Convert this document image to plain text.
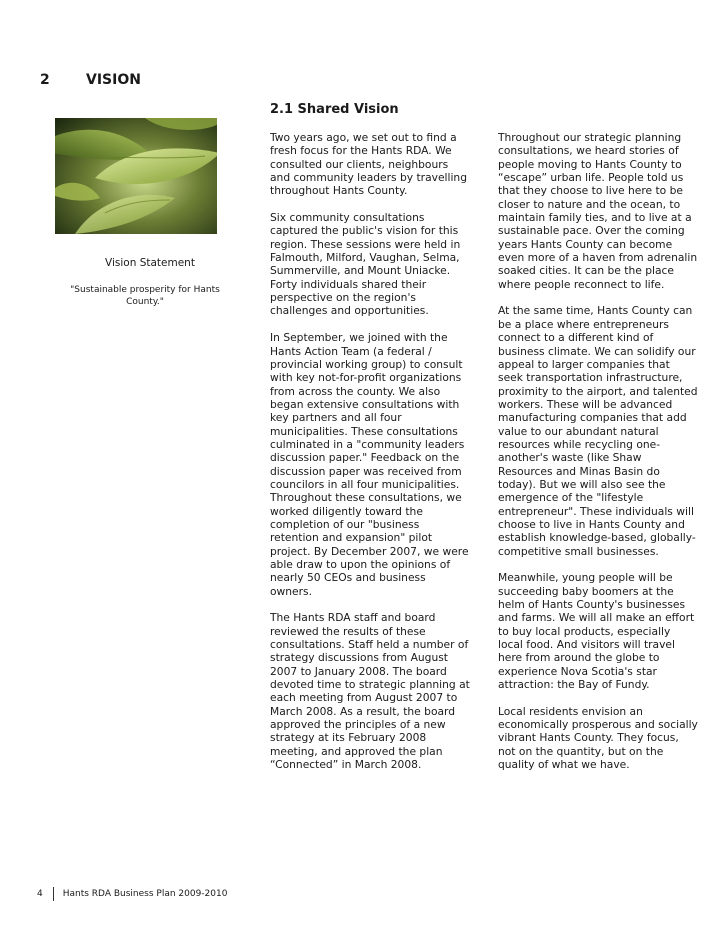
2	VISION
Vision Statement
"Sustainable prosperity for Hants County."
2.1 Shared Vision

Two years ago, we set out to find a fresh focus for the Hants RDA. We consulted our clients, neighbours and community leaders by travelling throughout Hants County.

Six community consultations captured the public's vision for this region. These sessions were held in Falmouth, Milford, Vaughan, Selma, Summerville, and Mount Uniacke. Forty individuals shared their perspective on the region's challenges and opportunities.

In September, we joined with the Hants Action Team (a federal / provincial working group) to consult with key not-for-profit organizations from across the county. We also began extensive consultations with key partners and all four municipalities. These consultations culminated in a "community leaders discussion paper." Feedback on the discussion paper was received from councilors in all four municipalities. Throughout these consultations, we worked diligently toward the completion of our "business retention and expansion" pilot project. By December 2007, we were able draw to upon the opinions of nearly 50 CEOs and business owners.

The Hants RDA staff and board reviewed the results of these consultations. Staff held a number of strategy discussions from August 2007 to January 2008. The board devoted time to strategic planning at each meeting from August 2007 to March 2008. As a result, the board approved the principles of a new strategy at its February 2008 meeting, and approved the plan “Connected” in March 2008.

Throughout our strategic planning consultations, we heard stories of people moving to Hants County to “escape” urban life. People told us that they choose to live here to be closer to nature and the ocean, to maintain family ties, and to live at a sustainable pace. Over the coming years Hants County can become even more of a haven from adrenalin soaked cities. It can be the place where people reconnect to life.

At the same time, Hants County can be a place where entrepreneurs connect to a different kind of business climate. We can solidify our appeal to larger companies that seek transportation infrastructure, proximity to the airport, and talented workers. These will be advanced manufacturing companies that add value to our abundant natural resources while recycling one-another's waste (like Shaw Resources and Minas Basin do today). But we will also see the emergence of the "lifestyle entrepreneur". These individuals will choose to live in Hants County and establish knowledge-based, globally-competitive small businesses.

Meanwhile, young people will be succeeding baby boomers at the helm of Hants County's businesses and farms. We will all make an effort to buy local products, especially local food. And visitors will travel here from around the globe to experience Nova Scotia's star attraction: the Bay of Fundy.

Local residents envision an economically prosperous and socially vibrant Hants County. They focus, not on the quantity, but on the quality of what we have.

4 Hants RDA Business Plan 2009-2010
